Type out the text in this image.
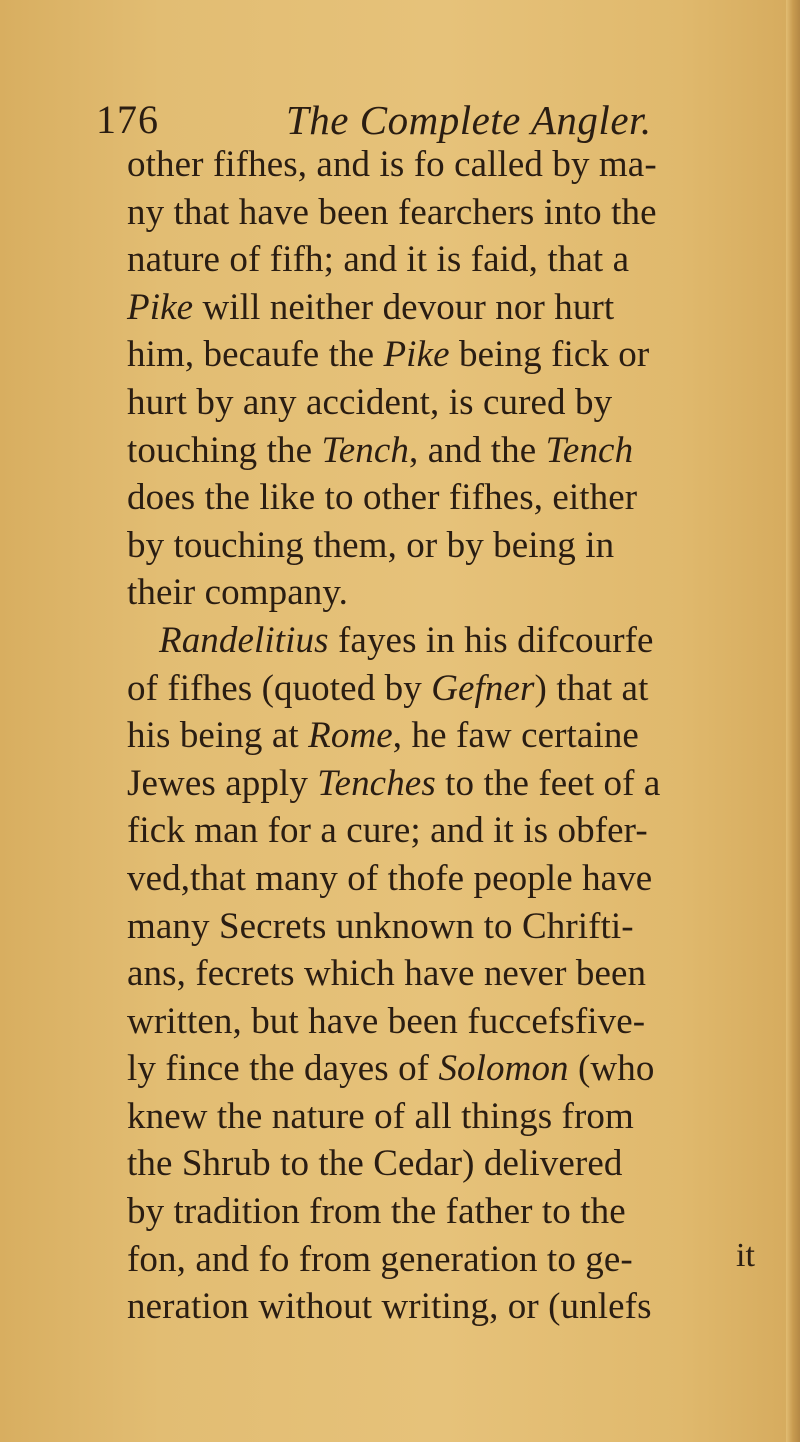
176	The Complete Angler.
other fifhes, and is fo called by ma-
ny that have been fearchers into the
nature of fifh; and it is faid, that a
Pike will neither devour nor hurt
him, becaufe the Pike being fick or
hurt by any accident, is cured by
touching the Tench, and the Tench
does the like to other fifhes, either
by touching them, or by being in
their company.
Randelitius fayes in his difcourfe
of fifhes (quoted by Gefner) that at
his being at Rome, he faw certaine
Jewes apply Tenches to the feet of a
fick man for a cure; and it is obfer-
ved,that many of thofe people have
many Secrets unknown to Chrifti-
ans, fecrets which have never been
written, but have been fuccefsfive-
ly fince the dayes of Solomon (who
knew the nature of all things from
the Shrub to the Cedar) delivered
by tradition from the father to the
fon, and fo from generation to ge-
neration without writing, or (unlefs
it
